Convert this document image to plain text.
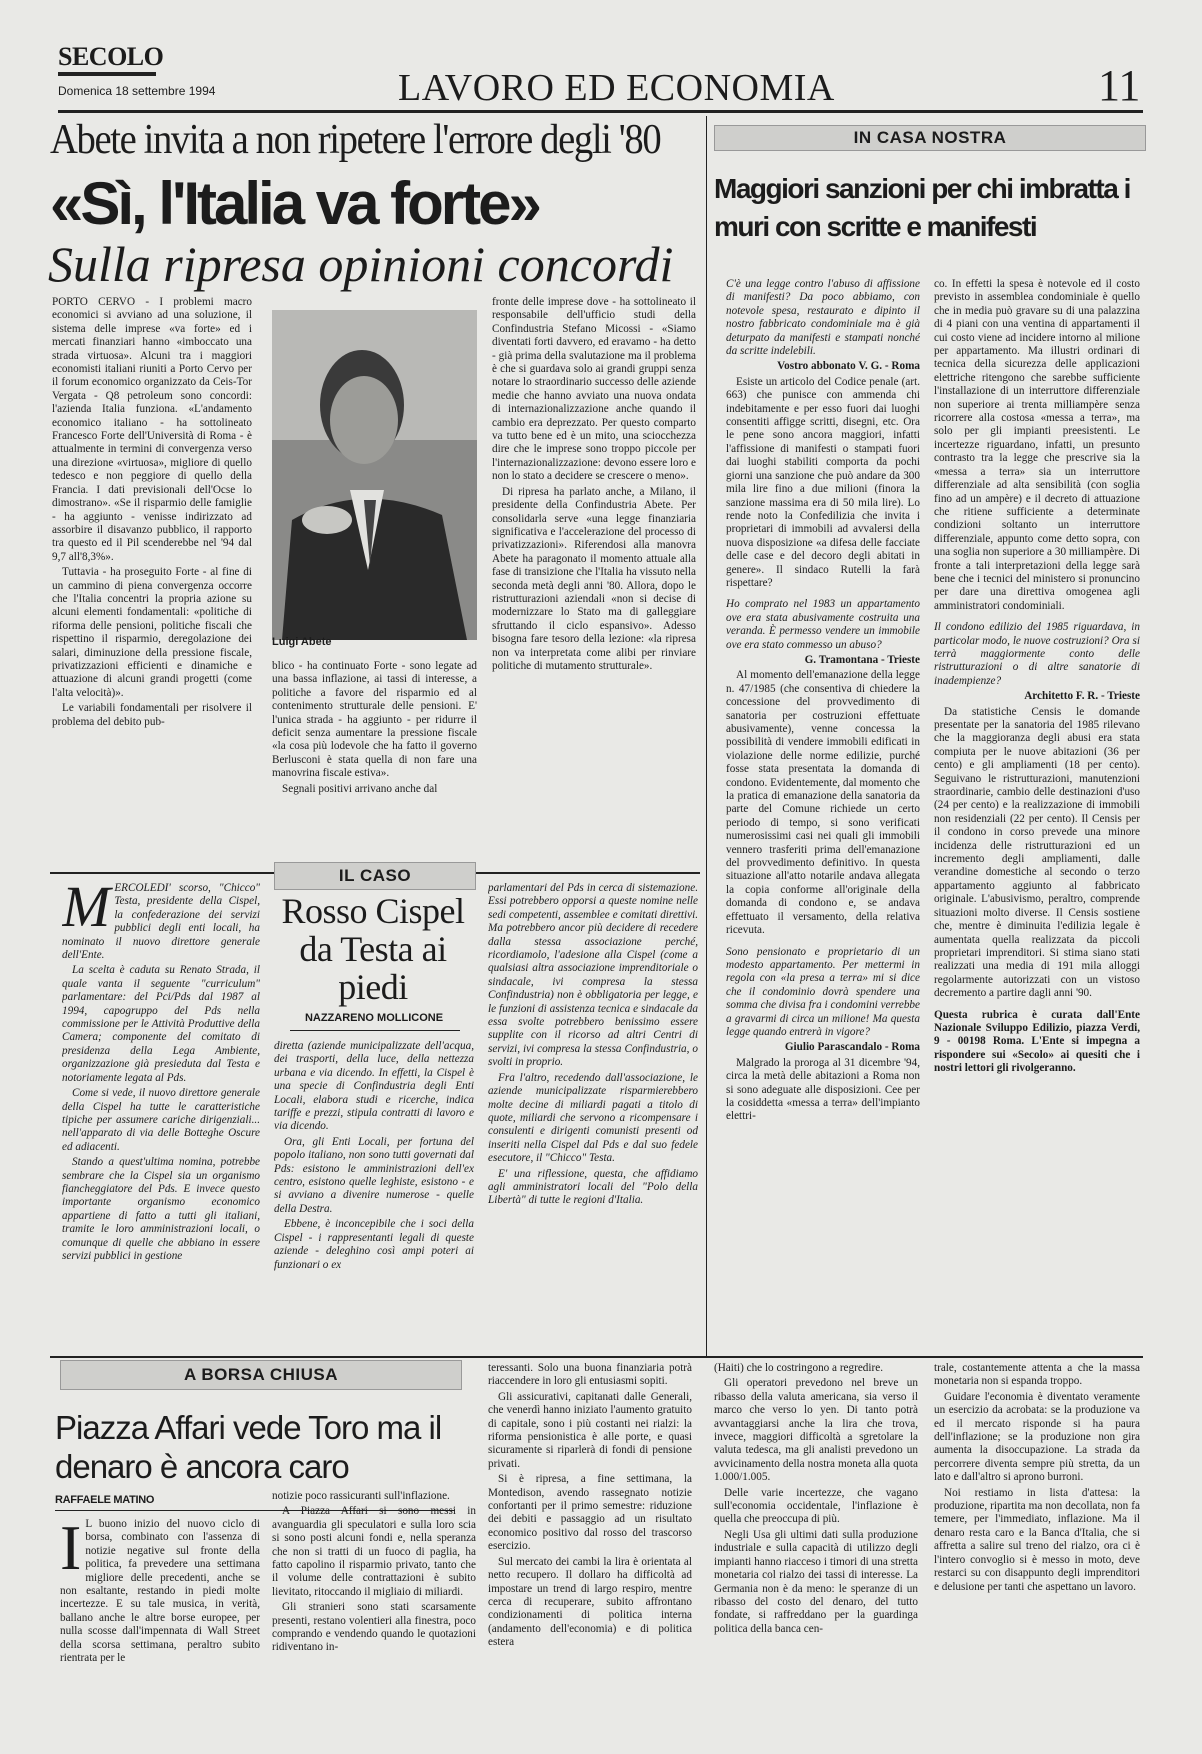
SECOLO
Domenica 18 settembre 1994	LAVORO ED ECONOMIA	11
Abete invita a non ripetere l'errore degli '80
«Sì, l'Italia va forte»
Sulla ripresa opinioni concordi

PORTO CERVO - I problemi macro economici si avviano ad una soluzione, il sistema delle imprese «va forte» ed i mercati finanziari hanno «imboccato una strada virtuosa». Alcuni tra i maggiori economisti italiani riuniti a Porto Cervo per il forum economico organizzato da Ceis-Tor Vergata - Q8 petroleum sono concordi: l'azienda Italia funziona. «L'andamento economico italiano - ha sottolineato Francesco Forte dell'Università di Roma - è attualmente in termini di convergenza verso una direzione «virtuosa», migliore di quello tedesco e non peggiore di quello della Francia. I dati previsionali dell'Ocse lo dimostrano». «Se il risparmio delle famiglie - ha aggiunto - venisse indirizzato ad assorbire il disavanzo pubblico, il rapporto tra questo ed il Pil scenderebbe nel '94 dal 9,7 all'8,3%».

Tuttavia - ha proseguito Forte - al fine di un cammino di piena convergenza occorre che l'Italia concentri la propria azione su alcuni elementi fondamentali: «politiche di riforma delle pensioni, politiche fiscali che rispettino il risparmio, deregolazione dei salari, diminuzione della pressione fiscale, privatizzazioni efficienti e dinamiche e attuazione di alcuni grandi progetti (come l'alta velocità)».

Le variabili fondamentali per risolvere il problema del debito pub-

Luigi Abete

blico - ha continuato Forte - sono legate ad una bassa inflazione, ai tassi di interesse, a politiche a favore del risparmio ed al contenimento strutturale delle pensioni. E' l'unica strada - ha aggiunto - per ridurre il deficit senza aumentare la pressione fiscale «la cosa più lodevole che ha fatto il governo Berlusconi è stata quella di non fare una manovrina fiscale estiva».

Segnali positivi arrivano anche dal

fronte delle imprese dove - ha sottolineato il responsabile dell'ufficio studi della Confindustria Stefano Micossi - «Siamo diventati forti davvero, ed eravamo - ha detto - già prima della svalutazione ma il problema è che si guardava solo ai grandi gruppi senza notare lo straordinario successo delle aziende medie che hanno avviato una nuova ondata di internazionalizzazione anche quando il cambio era deprezzato. Per questo comparto va tutto bene ed è un mito, una sciocchezza dire che le imprese sono troppo piccole per l'internazionalizzazione: devono essere loro e non lo stato a decidere se crescere o meno».

Di ripresa ha parlato anche, a Milano, il presidente della Confindustria Abete. Per consolidarla serve «una legge finanziaria significativa e l'accelerazione del processo di privatizzazioni». Riferendosi alla manovra Abete ha paragonato il momento attuale alla fase di transizione che l'Italia ha vissuto nella seconda metà degli anni '80. Allora, dopo le ristrutturazioni aziendali «non si decise di modernizzare lo Stato ma di galleggiare sfruttando il ciclo espansivo». Adesso bisogna fare tesoro della lezione: «la ripresa non va interpretata come alibi per rinviare politiche di mutamento strutturale».

IN CASA NOSTRA
Maggiori sanzioni per chi imbratta i muri con scritte e manifesti

C'è una legge contro l'abuso di affissione di manifesti? Da poco abbiamo, con notevole spesa, restaurato e dipinto il nostro fabbricato condominiale ma è già deturpato da manifesti e stampati nonché da scritte indelebili.

Vostro abbonato V. G. - Roma

Esiste un articolo del Codice penale (art. 663) che punisce con ammenda chi indebitamente e per esso fuori dai luoghi consentiti affigge scritti, disegni, etc. Ora le pene sono ancora maggiori, infatti l'affissione di manifesti o stampati fuori dai luoghi stabiliti comporta da pochi giorni una sanzione che può andare da 300 mila lire fino a due milioni (finora la sanzione massima era di 50 mila lire). Lo rende noto la Confedilizia che invita i proprietari di immobili ad avvalersi della nuova disposizione «a difesa delle facciate delle case e del decoro degli abitati in genere». Il sindaco Rutelli la farà rispettare?

Ho comprato nel 1983 un appartamento ove era stata abusivamente costruita una veranda. È permesso vendere un immobile ove era stato commesso un abuso?

G. Tramontana - Trieste

Al momento dell'emanazione della legge n. 47/1985 (che consentiva di chiedere la concessione del provvedimento di sanatoria per costruzioni effettuate abusivamente), venne concessa la possibilità di vendere immobili edificati in violazione delle norme edilizie, purché fosse stata presentata la domanda di condono. Evidentemente, dal momento che la pratica di emanazione della sanatoria da parte del Comune richiede un certo periodo di tempo, si sono verificati numerosissimi casi nei quali gli immobili vennero trasferiti prima dell'emanazione del provvedimento definitivo. In questa situazione all'atto notarile andava allegata la copia conforme all'originale della domanda di condono e, se andava effettuato il versamento, della relativa ricevuta.

Sono pensionato e proprietario di un modesto appartamento. Per mettermi in regola con «la presa a terra» mi si dice che il condominio dovrà spendere una somma che divisa fra i condomini verrebbe a gravarmi di circa un milione! Ma questa legge quando entrerà in vigore?

Giulio Parascandalo - Roma

Malgrado la proroga al 31 dicembre '94, circa la metà delle abitazioni a Roma non si sono adeguate alle disposizioni. Cee per la cosiddetta «messa a terra» dell'impianto elettri-

co. In effetti la spesa è notevole ed il costo previsto in assemblea condominiale è quello che in media può gravare su di una palazzina di 4 piani con una ventina di appartamenti il cui costo viene ad incidere intorno al milione per appartamento. Ma illustri ordinari di tecnica della sicurezza delle applicazioni elettriche ritengono che sarebbe sufficiente l'installazione di un interruttore differenziale non superiore ai trenta milliampère senza ricorrere alla costosa «messa a terra», ma solo per gli impianti preesistenti. Le incertezze riguardano, infatti, un presunto contrasto tra la legge che prescrive sia la «messa a terra» sia un interruttore differenziale ad alta sensibilità (con soglia fino ad un ampère) e il decreto di attuazione che ritiene sufficiente a determinate condizioni soltanto un interruttore differenziale, appunto come detto sopra, con una soglia non superiore a 30 milliampère. Di fronte a tali interpretazioni della legge sarà bene che i tecnici del ministero si pronuncino per dare una direttiva omogenea agli amministratori condominiali.

Il condono edilizio del 1985 riguardava, in particolar modo, le nuove costruzioni? Ora si terrà maggiormente conto delle ristrutturazioni o di altre sanatorie di inadempienze?

Architetto F. R. - Trieste

Da statistiche Censis le domande presentate per la sanatoria del 1985 rilevano che la maggioranza degli abusi era stata compiuta per le nuove abitazioni (36 per cento) e gli ampliamenti (18 per cento). Seguivano le ristrutturazioni, manutenzioni straordinarie, cambio delle destinazioni d'uso (24 per cento) e la realizzazione di immobili non residenziali (22 per cento). Il Censis per il condono in corso prevede una minore incidenza delle ristrutturazioni ed un incremento degli ampliamenti, dalle verandine domestiche al secondo o terzo appartamento aggiunto al fabbricato originale. L'abusivismo, peraltro, comprende situazioni molto diverse. Il Censis sostiene che, mentre è diminuita l'edilizia legale è aumentata quella realizzata da piccoli proprietari imprenditori. Si stima siano stati realizzati una media di 191 mila alloggi regolarmente autorizzati con un vistoso decremento a partire dagli anni '90.

Questa rubrica è curata dall'Ente Nazionale Sviluppo Edilizio, piazza Verdi, 9 - 00198 Roma. L'Ente si impegna a rispondere sui «Secolo» ai quesiti che i nostri lettori gli rivolgeranno.

M ERCOLEDI' scorso, "Chicco" Testa, presidente della Cispel, la confederazione dei servizi pubblici degli enti locali, ha nominato il nuovo direttore generale dell'Ente.

La scelta è caduta su Renato Strada, il quale vanta il seguente "curriculum" parlamentare: del Pci/Pds dal 1987 al 1994, capogruppo del Pds nella commissione per le Attività Produttive della Camera; componente del comitato di presidenza della Lega Ambiente, organizzazione già presieduta dal Testa e notoriamente legata al Pds.

Come si vede, il nuovo direttore generale della Cispel ha tutte le caratteristiche tipiche per assumere cariche dirigenziali... nell'apparato di via delle Botteghe Oscure ed adiacenti.

Stando a quest'ultima nomina, potrebbe sembrare che la Cispel sia un organismo fiancheggiatore del Pds. E invece questo importante organismo economico appartiene di fatto a tutti gli italiani, tramite le loro amministrazioni locali, o comunque di quelle che abbiano in essere servizi pubblici in gestione

IL CASO
Rosso Cispel da Testa ai piedi
NAZZARENO MOLLICONE

diretta (aziende municipalizzate dell'acqua, dei trasporti, della luce, della nettezza urbana e via dicendo. In effetti, la Cispel è una specie di Confindustria degli Enti Locali, elabora studi e ricerche, indica tariffe e prezzi, stipula contratti di lavoro e via dicendo.

Ora, gli Enti Locali, per fortuna del popolo italiano, non sono tutti governati dal Pds: esistono le amministrazioni dell'ex centro, esistono quelle leghiste, esistono - e si avviano a divenire numerose - quelle della Destra.

Ebbene, è inconcepibile che i soci della Cispel - i rappresentanti legali di queste aziende - deleghino così ampi poteri ai funzionari o ex

parlamentari del Pds in cerca di sistemazione. Essi potrebbero opporsi a queste nomine nelle sedi competenti, assemblee e comitati direttivi. Ma potrebbero ancor più decidere di recedere dalla stessa associazione perché, ricordiamolo, l'adesione alla Cispel (come a qualsiasi altra associazione imprenditoriale o sindacale, ivi compresa la stessa Confindustria) non è obbligatoria per legge, e le funzioni di assistenza tecnica e sindacale da essa svolte potrebbero benissimo essere supplite con il ricorso ad altri Centri di servizi, ivi compresa la stessa Confindustria, o svolti in proprio.

Fra l'altro, recedendo dall'associazione, le aziende municipalizzate risparmierebbero molte decine di miliardi pagati a titolo di quote, miliardi che servono a ricompensare i consulenti e dirigenti comunisti presenti od inseriti nella Cispel dal Pds e dal suo fedele esecutore, il "Chicco" Testa.

E' una riflessione, questa, che affidiamo agli amministratori locali del "Polo della Libertà" di tutte le regioni d'Italia.

A BORSA CHIUSA
Piazza Affari vede Toro ma il denaro è ancora caro
RAFFAELE MATINO
I L buono inizio del nuovo ciclo di borsa, combinato con l'assenza di notizie negative sul fronte della politica, fa prevedere una settimana migliore delle precedenti, anche se non esaltante, restando in piedi molte incertezze. E su tale musica, in verità, ballano anche le altre borse europee, per nulla scosse dall'impennata di Wall Street della scorsa settimana, peraltro subito rientrata per le

notizie poco rassicuranti sull'inflazione.

A Piazza Affari si sono messi in avanguardia gli speculatori e sulla loro scia si sono posti alcuni fondi e, nella speranza che non si tratti di un fuoco di paglia, ha fatto capolino il risparmio privato, tanto che il volume delle contrattazioni è subito lievitato, ritoccando il migliaio di miliardi.

Gli stranieri sono stati scarsamente presenti, restano volentieri alla finestra, poco comprando e vendendo quando le quotazioni ridiventano in-

teressanti. Solo una buona finanziaria potrà riaccendere in loro gli entusiasmi sopiti.

Gli assicurativi, capitanati dalle Generali, che venerdì hanno iniziato l'aumento gratuito di capitale, sono i più costanti nei rialzi: la riforma pensionistica è alle porte, e quasi sicuramente si riparlerà di fondi di pensione privati.

Si è ripresa, a fine settimana, la Montedison, avendo rassegnato notizie confortanti per il primo semestre: riduzione dei debiti e passaggio ad un risultato economico positivo dal rosso del trascorso esercizio.

Sul mercato dei cambi la lira è orientata al netto recupero. Il dollaro ha difficoltà ad impostare un trend di largo respiro, mentre cerca di recuperare, subito affrontano condizionamenti di politica interna (andamento dell'economia) e di politica estera

(Haiti) che lo costringono a regredire.

Gli operatori prevedono nel breve un ribasso della valuta americana, sia verso il marco che verso lo yen. Di tanto potrà avvantaggiarsi anche la lira che trova, invece, maggiori difficoltà a sgretolare la valuta tedesca, ma gli analisti prevedono un avvicinamento della nostra moneta alla quota 1.000/1.005.

Delle varie incertezze, che vagano sull'economia occidentale, l'inflazione è quella che preoccupa di più.

Negli Usa gli ultimi dati sulla produzione industriale e sulla capacità di utilizzo degli impianti hanno riacceso i timori di una stretta monetaria col rialzo dei tassi di interesse. La Germania non è da meno: le speranze di un ribasso del costo del denaro, del tutto fondate, si raffreddano per la guardinga politica della banca cen-

trale, costantemente attenta a che la massa monetaria non si espanda troppo.

Guidare l'economia è diventato veramente un esercizio da acrobata: se la produzione va ed il mercato risponde si ha paura dell'inflazione; se la produzione non gira aumenta la disoccupazione. La strada da percorrere diventa sempre più stretta, da un lato e dall'altro si aprono burroni.

Noi restiamo in lista d'attesa: la produzione, ripartita ma non decollata, non fa temere, per l'immediato, inflazione. Ma il denaro resta caro e la Banca d'Italia, che si affretta a salire sul treno del rialzo, ora ci è l'intero convoglio si è messo in moto, deve restarci su con disappunto degli imprenditori e delusione per tanti che aspettano un lavoro.
